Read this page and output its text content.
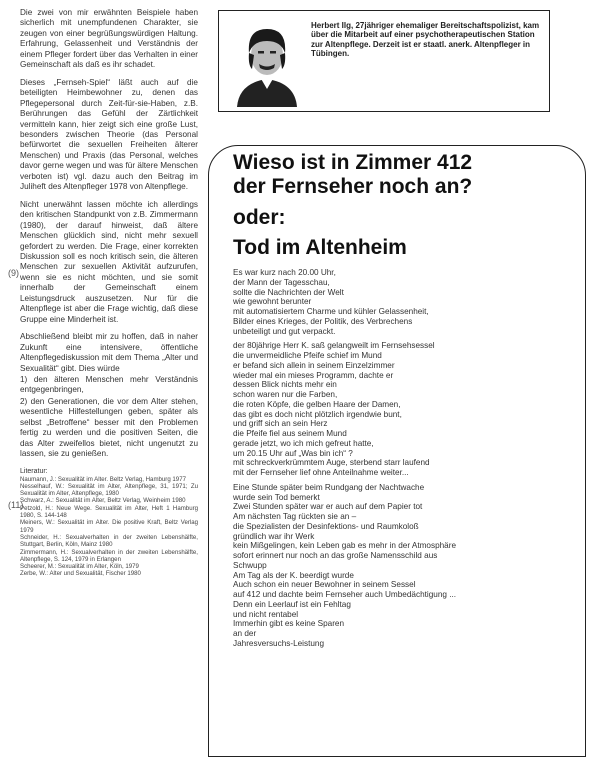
Die zwei von mir erwähnten Beispiele haben sicherlich mit unempfundenen Charakter, sie zeugen von einer begrüßungswürdigen Haltung. Erfahrung, Gelassenheit und Verständnis der einem Pfleger fordert über das Verhalten in einer Gemeinschaft als daß es ihr schadet.

Dieses „Fernseh-Spiel“ läßt auch auf die beteiligten Heimbewohner zu, denen das Pflegepersonal durch Zeit-für-sie-Haben, z.B. Berührungen das Gefühl der Zärtlichkeit vermitteln kann, hier zeigt sich eine große Lust, besonders zwischen Theorie (das Personal befürwortet die sexuellen Freiheiten älterer Menschen) und Praxis (das Personal, welches davor gerne wegen und was für ältere Menschen verboten ist) vgl. dazu auch den Beitrag im Juliheft des Altenpfleger 1978 von Altenpflege.

Nicht unerwähnt lassen möchte ich allerdings den kritischen Standpunkt von z.B. Zimmermann (1980), der darauf hinweist, daß ältere Menschen glücklich sind, nicht mehr sexuell gefordert zu werden. Die Frage, einer korrekten Diskussion soll es noch kritisch sein, die älteren Menschen zur sexuellen Aktivität aufzurufen, wenn sie es nicht möchten, und sie somit innerhalb der Gemeinschaft einem Leistungsdruck auszusetzen. Nur für die Altenpflege ist aber die Frage wichtig, daß diese Gruppe eine Minderheit ist.

Abschließend bleibt mir zu hoffen, daß in naher Zukunft eine intensivere, öffentliche Altenpflegediskussion mit dem Thema „Alter und Sexualität“ gibt. Dies würde

1) den älteren Menschen mehr Verständnis entgegenbringen,

2) den Generationen, die vor dem Alter stehen, wesentliche Hilfestellungen geben, später als selbst „Betroffene“ besser mit den Problemen fertig zu werden und die positiven Seiten, die das Alter zweifellos bietet, nicht ungenutzt zu lassen, sie zu genießen.

Literatur:
Naumann, J.: Sexualität im Alter. Beltz Verlag, Hamburg 1977
Nesselhauf, W.: Sexualität im Alter, Altenpflege, 31, 1971; Zu Sexualität im Alter, Altenpflege, 1980
Schwarz, A.: Sexualität im Alter, Beltz Verlag, Weinheim 1980
Petzold, H.: Neue Wege. Sexualität im Alter, Heft 1 Hamburg 1980, S. 144-148
Meiners, W.: Sexualität im Alter. Die positive Kraft, Beltz Verlag 1979
Schneider, H.: Sexualverhalten in der zweiten Lebenshälfte, Stuttgart, Berlin, Köln, Mainz 1980
Zimmermann, H.: Sexualverhalten in der zweiten Lebenshälfte, Altenpflege, S. 124, 1979 in Erlangen
Scheerer, M.: Sexualität im Alter, Köln, 1979
Zerbe, W.: Alter und Sexualität, Fischer 1980
(9)
(11)
Herbert Ilg, 27jähriger ehemaliger Bereitschaftspolizist, kam über die Mitarbeit auf einer psychotherapeutischen Station zur Altenpflege. Derzeit ist er staatl. anerk. Altenpfleger in Tübingen.
Wieso ist in Zimmer 412
der Fernseher noch an?
oder:
Tod im Altenheim
Es war kurz nach 20.00 Uhr,
der Mann der Tagesschau,
sollte die Nachrichten der Welt
wie gewohnt berunter
mit automatisiertem Charme und kühler Gelassenheit,
Bilder eines Krieges, der Politik, des Verbrechens
unbeteiligt und gut verpackt.
der 80jährige Herr K. saß gelangweilt im Fernsehsessel
die unvermeidliche Pfeife schief im Mund
er befand sich allein in seinem Einzelzimmer
wieder mal ein mieses Programm, dachte er
dessen Blick nichts mehr ein
schon waren nur die Farben,
die roten Köpfe, die gelben Haare der Damen,
das gibt es doch nicht plötzlich irgendwie bunt,
und griff sich an sein Herz
die Pfeife fiel aus seinem Mund
gerade jetzt, wo ich mich gefreut hatte,
um 20.15 Uhr auf „Was bin ich“ ?
mit schreckverkrümmtem Auge, sterbend starr laufend
mit der Fernseher lief ohne Anteilnahme weiter...
Eine Stunde später beim Rundgang der Nachtwache
wurde sein Tod bemerkt
Zwei Stunden später war er auch auf dem Papier tot
Am nächsten Tag rückten sie an –
die Spezialisten der Desinfektions- und Raumkoloß
gründlich war ihr Werk
kein Mißgelingen, kein Leben gab es mehr in der Atmosphäre
sofort erinnert nur noch an das große Namensschild aus
Schwupp
Am Tag als der K. beerdigt wurde
Auch schon ein neuer Bewohner in seinem Sessel
auf 412 und dachte beim Fernseher auch Umbedächtigung ...
Denn ein Leerlauf ist ein Fehltag
und nicht rentabel
Immerhin gibt es keine Sparen
an der
Jahresversuchs-Leistung
